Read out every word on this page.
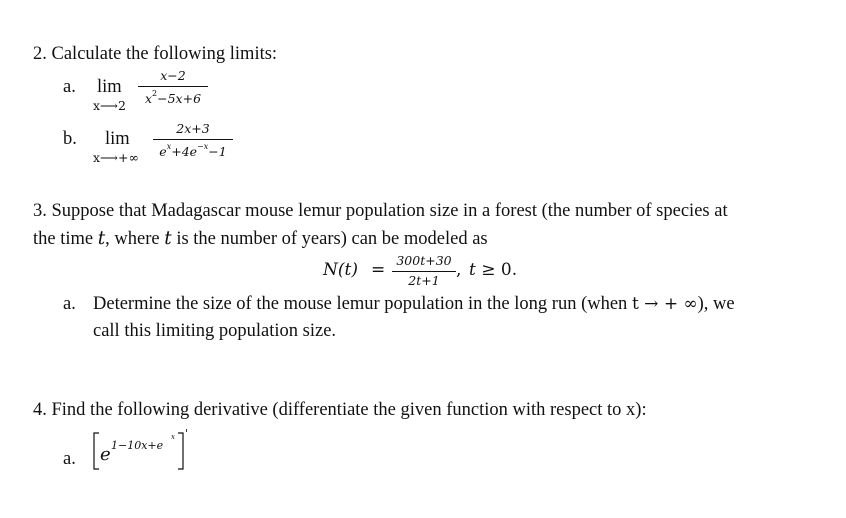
2. Calculate the following limits:
a. lim
x⟶2
x−2
$x^2-5x+6$
b. lim
x⟶+∞
2x+3
$e^x+4e^{-x}-1$
3. Suppose that Madagascar mouse lemur population size in a forest (the number of species at
the time t, where t is the number of years) can be modeled as
N(t) = 300t+30
2t+1
, t ≥ 0.
a. Determine the size of the mouse lemur population in the long run (when t → + ∞), we
call this limiting population size.
4. Find the following derivative (differentiate the given function with respect to x):
a. e 1−10x+e
x '
